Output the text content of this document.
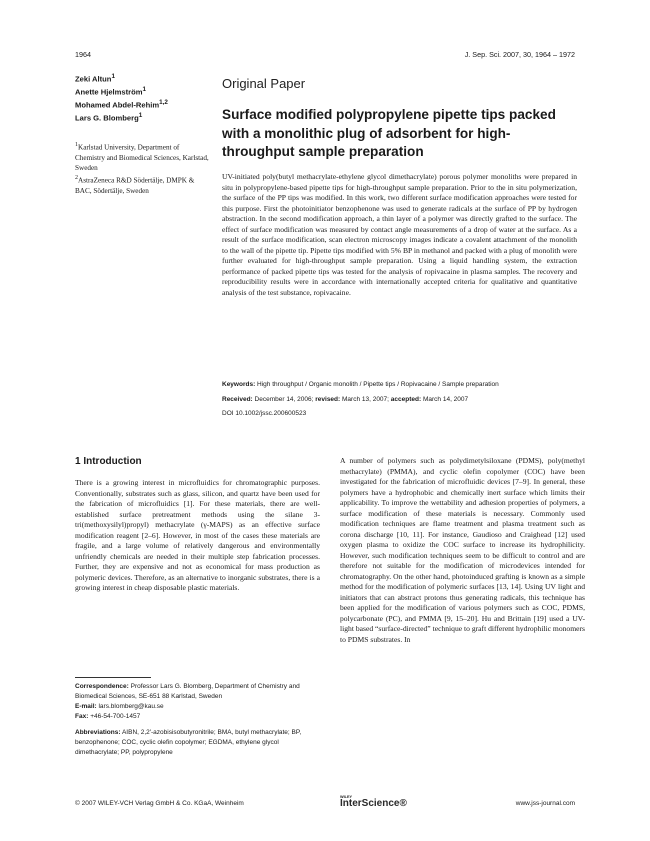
1964	J. Sep. Sci. 2007, 30, 1964 – 1972
Zeki Altun$^1$
Anette Hjelmström$^1$
Mohamed Abdel-Rehim$^{1,2}$
Lars G. Blomberg$^1$
$^1$Karlstad University, Department of Chemistry and Biomedical Sciences, Karlstad, Sweden
$^2$AstraZeneca R&D Södertälje, DMPK & BAC, Södertälje, Sweden
Original Paper
Surface modified polypropylene pipette tips packed with a monolithic plug of adsorbent for high-throughput sample preparation
UV-initiated poly(butyl methacrylate-ethylene glycol dimethacrylate) porous polymer monoliths were prepared in situ in polypropylene-based pipette tips for high-throughput sample preparation. Prior to the in situ polymerization, the surface of the PP tips was modified. In this work, two different surface modification approaches were tested for this purpose. First the photoinitiator benzophenone was used to generate radicals at the surface of PP by hydrogen abstraction. In the second modification approach, a thin layer of a polymer was directly grafted to the surface. The effect of surface modification was measured by contact angle measurements of a drop of water at the surface. As a result of the surface modification, scan electron microscopy images indicate a covalent attachment of the monolith to the wall of the pipette tip. Pipette tips modified with 5% BP in methanol and packed with a plug of monolith were further evaluated for high-throughput sample preparation. Using a liquid handling system, the extraction performance of packed pipette tips was tested for the analysis of ropivacaine in plasma samples. The recovery and reproducibility results were in accordance with internationally accepted criteria for qualitative and quantitative analysis of the test substance, ropivacaine.
Keywords: High throughput / Organic monolith / Pipette tips / Ropivacaine / Sample preparation
Received: December 14, 2006; revised: March 13, 2007; accepted: March 14, 2007
DOI 10.1002/jssc.200600523
1 Introduction
There is a growing interest in microfluidics for chromatographic purposes. Conventionally, substrates such as glass, silicon, and quartz have been used for the fabrication of microfluidics [1]. For these materials, there are well-established surface pretreatment methods using the silane 3-tri(methoxysilyl)propyl) methacrylate (γ-MAPS) as an effective surface modification reagent [2–6]. However, in most of the cases these materials are fragile, and a large volume of relatively dangerous and environmentally unfriendly chemicals are needed in their multiple step fabrication processes. Further, they are expensive and not as economical for mass production as polymeric devices. Therefore, as an alternative to inorganic substrates, there is a growing interest in cheap disposable plastic materials.
A number of polymers such as polydimetylsiloxane (PDMS), poly(methyl methacrylate) (PMMA), and cyclic olefin copolymer (COC) have been investigated for the fabrication of microfluidic devices [7–9]. In general, these polymers have a hydrophobic and chemically inert surface which limits their applicability. To improve the wettability and adhesion properties of polymers, a surface modification of these materials is necessary. Commonly used modification techniques are flame treatment and plasma treatment such as corona discharge [10, 11]. For instance, Gaudioso and Craighead [12] used oxygen plasma to oxidize the COC surface to increase its hydrophilicity. However, such modification techniques seem to be difficult to control and are therefore not suitable for the modification of microdevices intended for chromatography. On the other hand, photoinduced grafting is known as a simple method for the modification of polymeric surfaces [13, 14]. Using UV light and initiators that can abstract protons thus generating radicals, this technique has been applied for the modification of various polymers such as COC, PDMS, polycarbonate (PC), and PMMA [9, 15–20]. Hu and Brittain [19] used a UV-light based “surface-directed” technique to graft different hydrophilic monomers to PDMS substrates. In
Correspondence: Professor Lars G. Blomberg, Department of Chemistry and Biomedical Sciences, SE-651 88 Karlstad, Sweden
E-mail: lars.blomberg@kau.se
Fax: +46-54-700-1457
Abbreviations: AIBN, 2,2′-azobisisobutyronitrile; BMA, butyl methacrylate; BP, benzophenone; COC, cyclic olefin copolymer; EGDMA, ethylene glycol dimethacrylate; PP, polypropylene
© 2007 WILEY-VCH Verlag GmbH & Co. KGaA, Weinheim
WILEY
InterScience®	www.jss-journal.com
